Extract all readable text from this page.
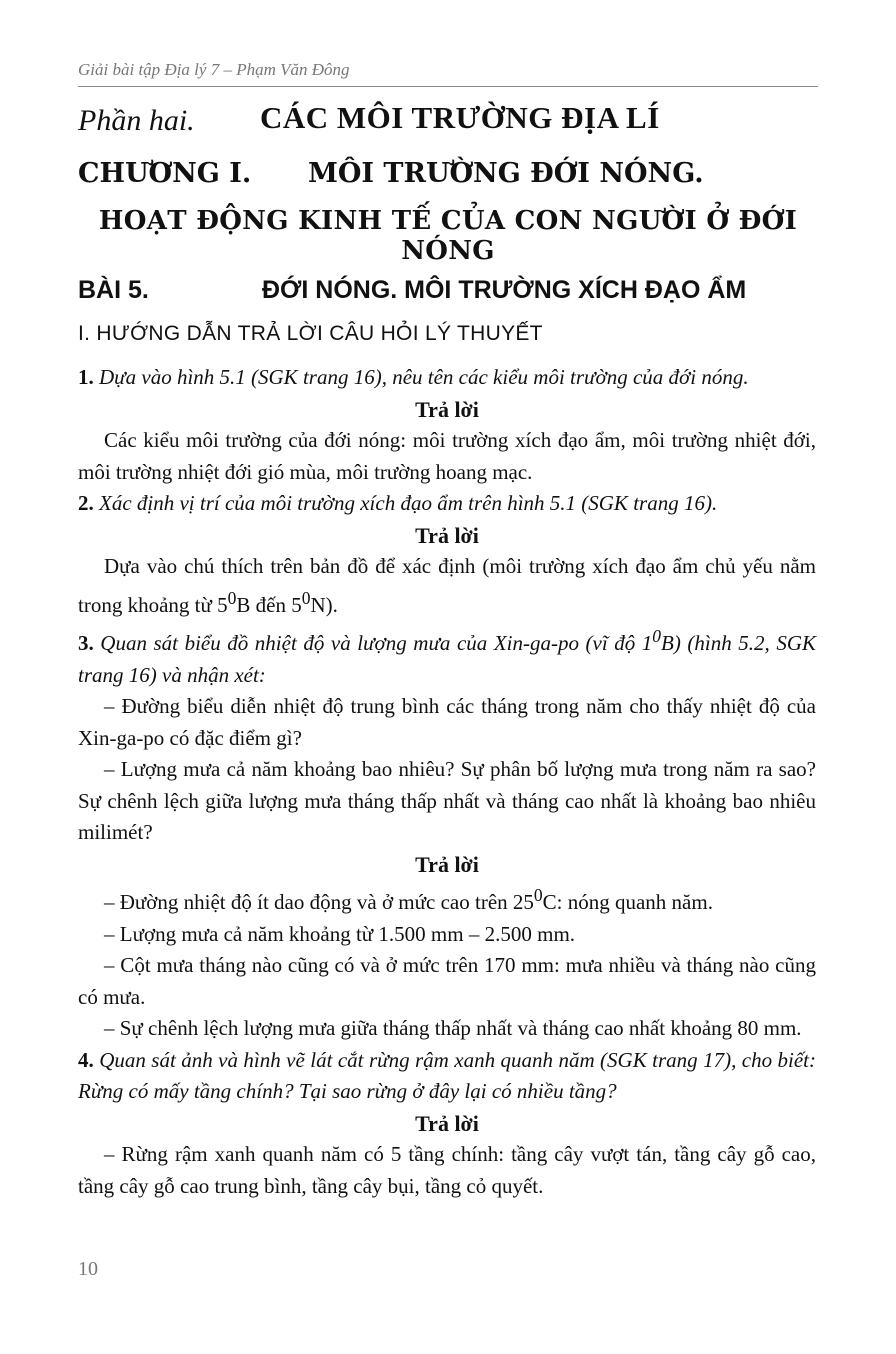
Giải bài tập Địa lý 7 – Phạm Văn Đông
Phần hai. CÁC MÔI TRƯỜNG ĐỊA LÍ
CHƯƠNG I. MÔI TRƯỜNG ĐỚI NÓNG.
HOẠT ĐỘNG KINH TẾ CỦA CON NGƯỜI Ở ĐỚI NÓNG
BÀI 5.	ĐỚI NÓNG. MÔI TRƯỜNG XÍCH ĐẠO ẨM
I. HƯỚNG DẪN TRẢ LỜI CÂU HỎI LÝ THUYẾT

1. Dựa vào hình 5.1 (SGK trang 16), nêu tên các kiểu môi trường của đới nóng.

Trả lời

Các kiểu môi trường của đới nóng: môi trường xích đạo ẩm, môi trường nhiệt đới, môi trường nhiệt đới gió mùa, môi trường hoang mạc.

2. Xác định vị trí của môi trường xích đạo ẩm trên hình 5.1 (SGK trang 16).

Trả lời

Dựa vào chú thích trên bản đồ để xác định (môi trường xích đạo ẩm chủ yếu nằm trong khoảng từ $5^0B$ đến $5^0N$).

3. Quan sát biểu đồ nhiệt độ và lượng mưa của Xin-ga-po (vĩ độ $1^0B$) (hình 5.2, SGK trang 16) và nhận xét:

– Đường biểu diễn nhiệt độ trung bình các tháng trong năm cho thấy nhiệt độ của Xin-ga-po có đặc điểm gì?

– Lượng mưa cả năm khoảng bao nhiêu? Sự phân bố lượng mưa trong năm ra sao? Sự chênh lệch giữa lượng mưa tháng thấp nhất và tháng cao nhất là khoảng bao nhiêu milimét?

Trả lời

– Đường nhiệt độ ít dao động và ở mức cao trên $25^0C$: nóng quanh năm.

– Lượng mưa cả năm khoảng từ 1.500 mm – 2.500 mm.

– Cột mưa tháng nào cũng có và ở mức trên 170 mm: mưa nhiều và tháng nào cũng có mưa.

– Sự chênh lệch lượng mưa giữa tháng thấp nhất và tháng cao nhất khoảng 80 mm.

4. Quan sát ảnh và hình vẽ lát cắt rừng rậm xanh quanh năm (SGK trang 17), cho biết: Rừng có mấy tầng chính? Tại sao rừng ở đây lại có nhiều tầng?

Trả lời

– Rừng rậm xanh quanh năm có 5 tầng chính: tầng cây vượt tán, tầng cây gỗ cao, tầng cây gỗ cao trung bình, tầng cây bụi, tầng cỏ quyết.

10
